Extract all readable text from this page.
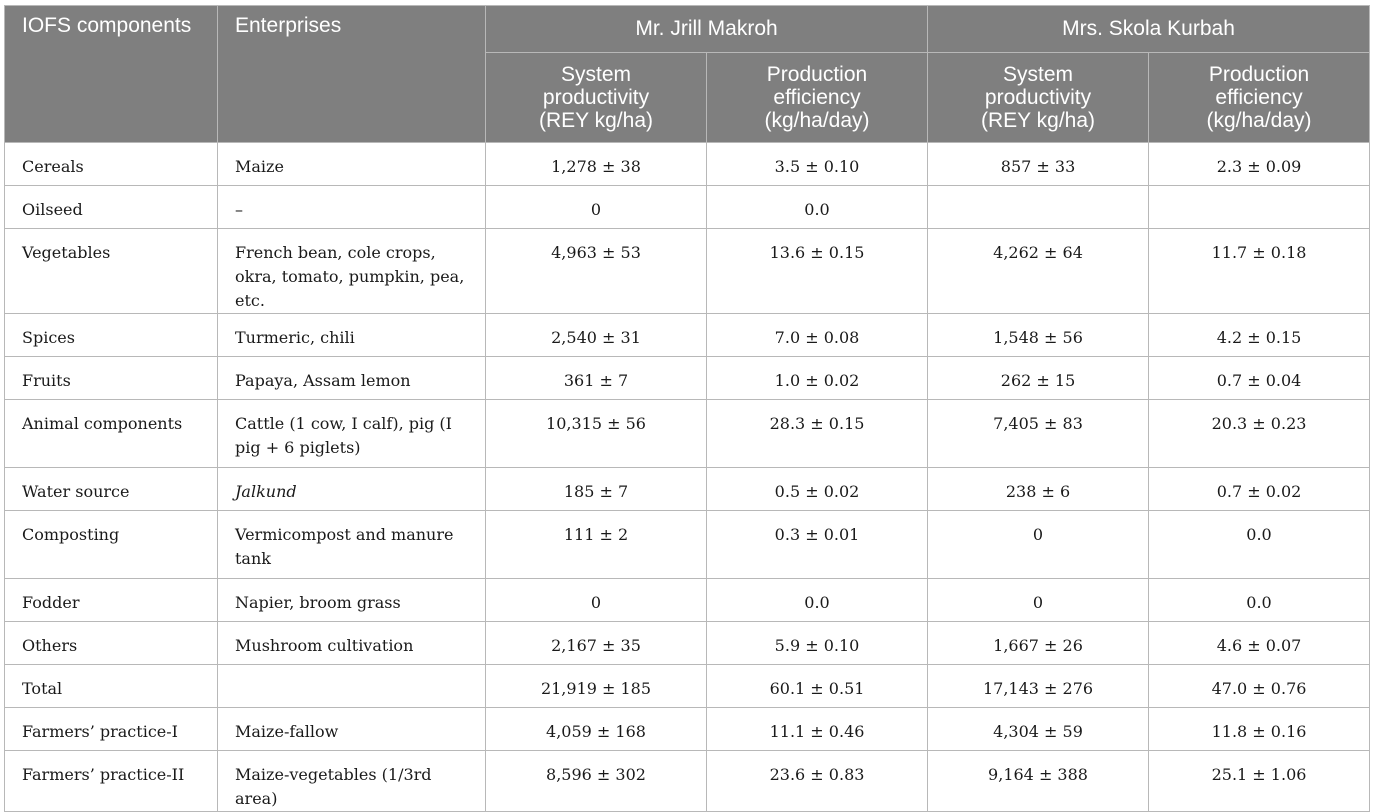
IOFS components	Enterprises	Mr. Jrill Makroh		Mrs. Skola Kurbah	

		System
productivity
(REY kg/ha)	Production
efficiency
(kg/ha/day)	System
productivity
(REY kg/ha)	Production
efficiency
(kg/ha/day)

Cereals	Maize	1,278 ± 38	3.5 ± 0.10	857 ± 33	2.3 ± 0.09
Oilseed	–	0	0.0		
Vegetables	French bean, cole crops, okra, tomato, pumpkin, pea, etc.	4,963 ± 53	13.6 ± 0.15	4,262 ± 64	11.7 ± 0.18
Spices	Turmeric, chili	2,540 ± 31	7.0 ± 0.08	1,548 ± 56	4.2 ± 0.15
Fruits	Papaya, Assam lemon	361 ± 7	1.0 ± 0.02	262 ± 15	0.7 ± 0.04
Animal components	Cattle (1 cow, I calf), pig (I pig + 6 piglets)	10,315 ± 56	28.3 ± 0.15	7,405 ± 83	20.3 ± 0.23
Water source	Jalkund	185 ± 7	0.5 ± 0.02	238 ± 6	0.7 ± 0.02
Composting	Vermicompost and manure tank	111 ± 2	0.3 ± 0.01	0	0.0
Fodder	Napier, broom grass	0	0.0	0	0.0
Others	Mushroom cultivation	2,167 ± 35	5.9 ± 0.10	1,667 ± 26	4.6 ± 0.07
Total		21,919 ± 185	60.1 ± 0.51	17,143 ± 276	47.0 ± 0.76
Farmers’ practice-I	Maize-fallow	4,059 ± 168	11.1 ± 0.46	4,304 ± 59	11.8 ± 0.16
Farmers’ practice-II	Maize-vegetables (1/3rd area)	8,596 ± 302	23.6 ± 0.83	9,164 ± 388	25.1 ± 1.06
